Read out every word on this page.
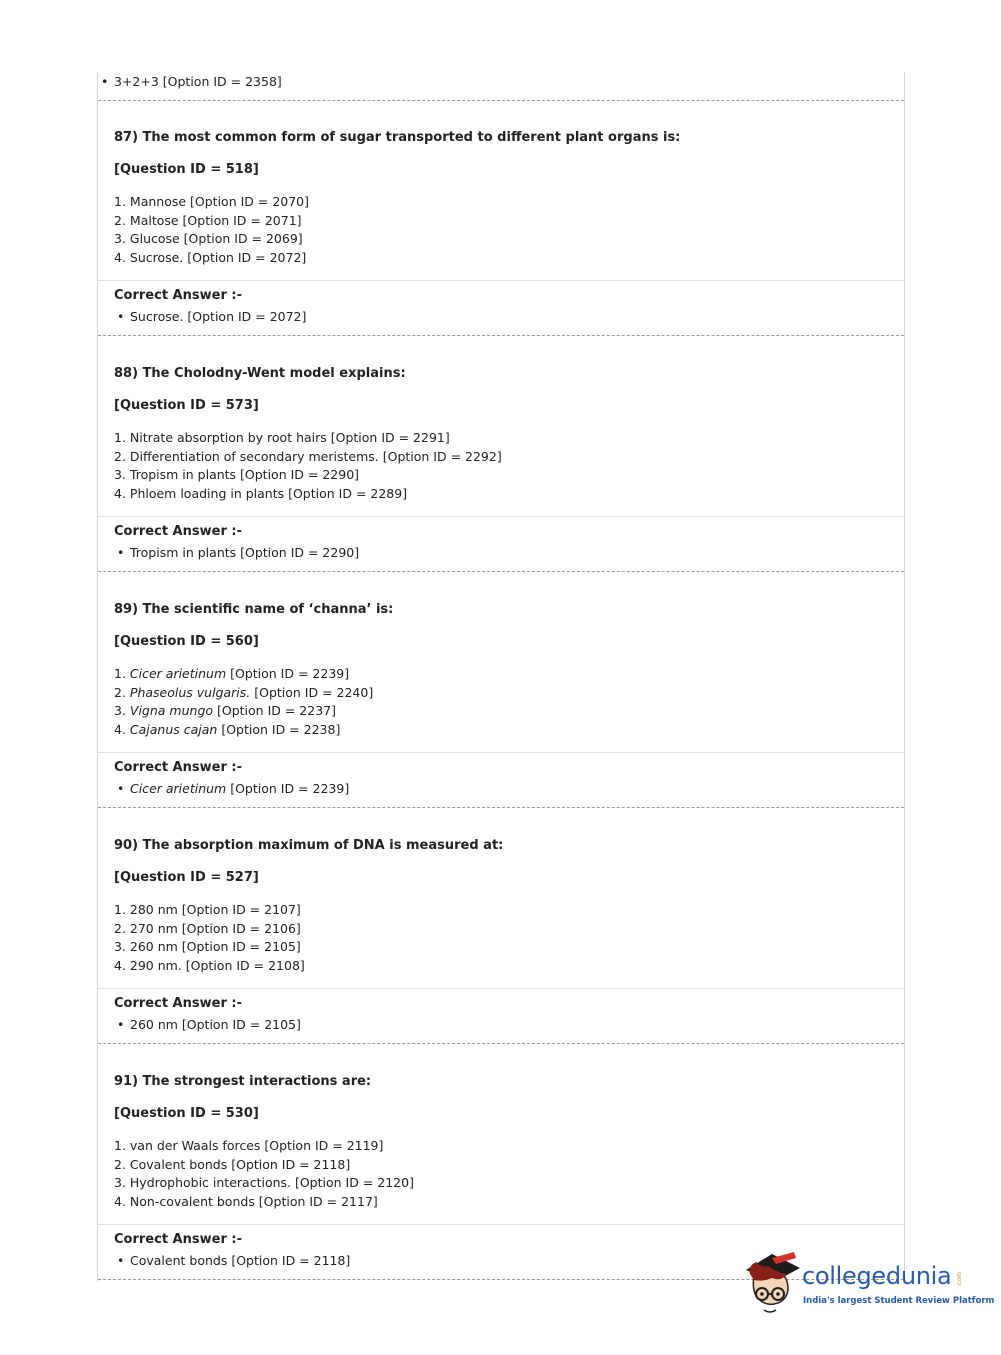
• 3+2+3 [Option ID = 2358]
87) The most common form of sugar transported to different plant organs is:
[Question ID = 518]
1. Mannose [Option ID = 2070]
2. Maltose [Option ID = 2071]
3. Glucose [Option ID = 2069]
4. Sucrose. [Option ID = 2072]
Correct Answer :-
• Sucrose. [Option ID = 2072]
88) The Cholodny-Went model explains:
[Question ID = 573]
1. Nitrate absorption by root hairs [Option ID = 2291]
2. Differentiation of secondary meristems. [Option ID = 2292]
3. Tropism in plants [Option ID = 2290]
4. Phloem loading in plants [Option ID = 2289]
Correct Answer :-
• Tropism in plants [Option ID = 2290]
89) The scientific name of ‘channa’ is:
[Question ID = 560]
1. Cicer arietinum [Option ID = 2239]
2. Phaseolus vulgaris. [Option ID = 2240]
3. Vigna mungo [Option ID = 2237]
4. Cajanus cajan [Option ID = 2238]
Correct Answer :-
• Cicer arietinum [Option ID = 2239]
90) The absorption maximum of DNA is measured at:
[Question ID = 527]
1. 280 nm [Option ID = 2107]
2. 270 nm [Option ID = 2106]
3. 260 nm [Option ID = 2105]
4. 290 nm. [Option ID = 2108]
Correct Answer :-
• 260 nm [Option ID = 2105]
91) The strongest interactions are:
[Question ID = 530]
1. van der Waals forces [Option ID = 2119]
2. Covalent bonds [Option ID = 2118]
3. Hydrophobic interactions. [Option ID = 2120]
4. Non-covalent bonds [Option ID = 2117]
Correct Answer :-
• Covalent bonds [Option ID = 2118]
collegedunia .com
India's largest Student Review Platform
